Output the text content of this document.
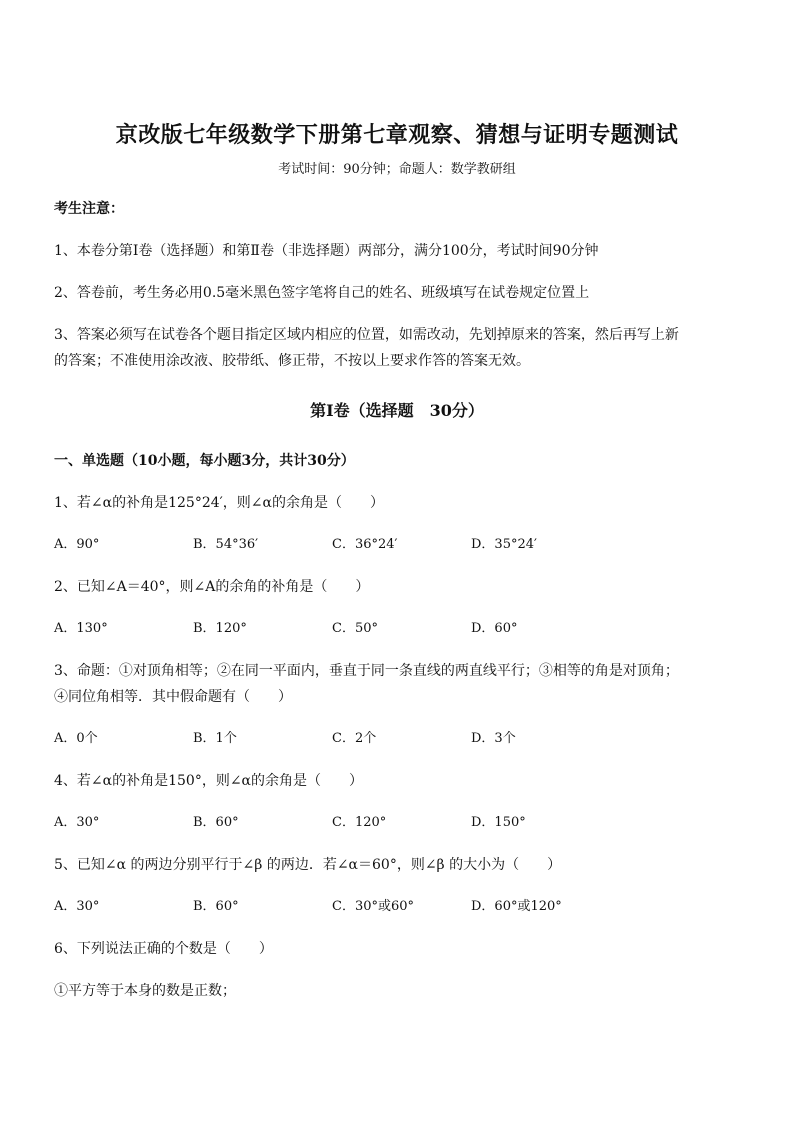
京改版七年级数学下册第七章观察、猜想与证明专题测试
考试时间：90分钟；命题人：数学教研组
考生注意：
1、本卷分第Ⅰ卷（选择题）和第Ⅱ卷（非选择题）两部分，满分100分，考试时间90分钟
2、答卷前，考生务必用0.5毫米黑色签字笔将自己的姓名、班级填写在试卷规定位置上
3、答案必须写在试卷各个题目指定区域内相应的位置，如需改动，先划掉原来的答案，然后再写上新
的答案；不准使用涂改液、胶带纸、修正带，不按以上要求作答的答案无效。
第Ⅰ卷（选择题　30分）
一、单选题（10小题，每小题3分，共计30分）
1、若∠α的补角是125°24′，则∠α的余角是（　　）
A．90°	B．54°36′	C．36°24′	D．35°24′
2、已知∠A＝40°，则∠A的余角的补角是（　　）
A．130°	B．120°	C．50°	D．60°
3、命题：①对顶角相等；②在同一平面内，垂直于同一条直线的两直线平行；③相等的角是对顶角；
④同位角相等．其中假命题有（　　）
A．0个	B．1个	C．2个	D．3个
4、若∠α的补角是150°，则∠α的余角是（　　）
A．30°	B．60°	C．120°	D．150°
5、已知∠α 的两边分别平行于∠β 的两边．若∠α＝60°，则∠β 的大小为（　　）
A．30°	B．60°	C．30°或60°	D．60°或120°
6、下列说法正确的个数是（　　）
①平方等于本身的数是正数；
